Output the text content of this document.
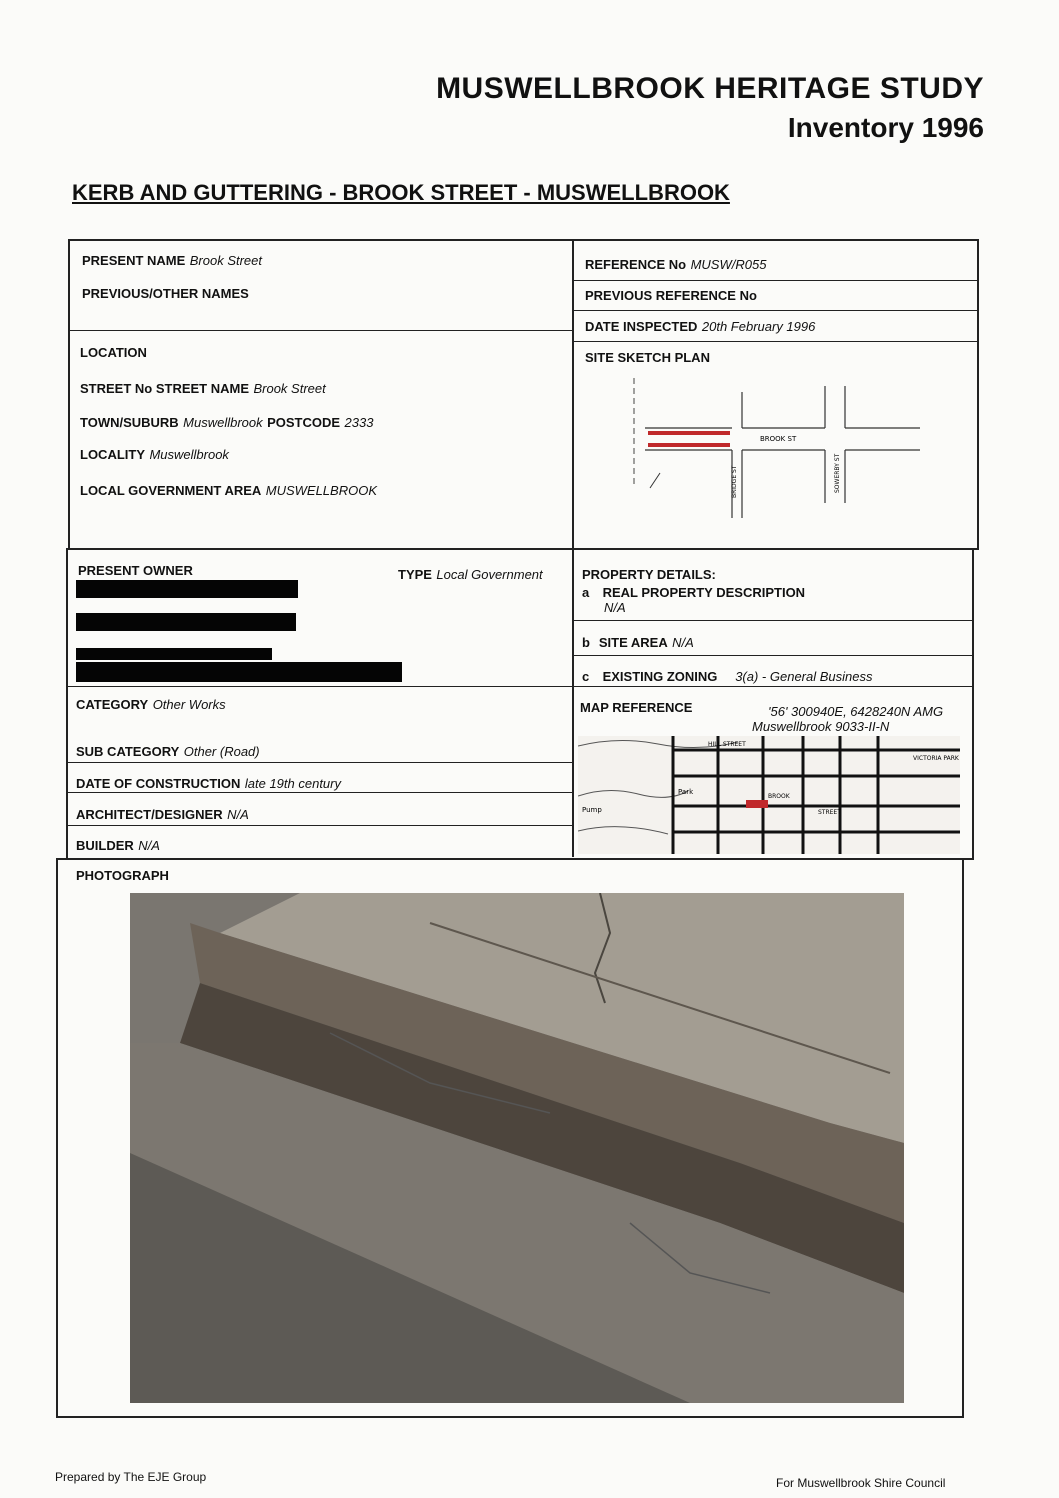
MUSWELLBROOK HERITAGE STUDY
Inventory 1996
KERB AND GUTTERING - BROOK STREET - MUSWELLBROOK
PRESENT NAME Brook Street
PREVIOUS/OTHER NAMES
LOCATION
STREET No STREET NAME Brook Street
TOWN/SUBURB Muswellbrook POSTCODE 2333
LOCALITY Muswellbrook
LOCAL GOVERNMENT AREA MUSWELLBROOK
REFERENCE No MUSW/R055
PREVIOUS REFERENCE No
DATE INSPECTED 20th February 1996
SITE SKETCH PLAN
BROOK ST
BRIDGE ST	SOWERBY ST
PRESENT OWNER	TYPE Local Government	PROPERTY DETAILS:
a REAL PROPERTY DESCRIPTION
N/A
b SITE AREA N/A
c EXISTING ZONING 3(a) - General Business
CATEGORY Other Works
SUB CATEGORY Other (Road)
DATE OF CONSTRUCTION late 19th century
ARCHITECT/DESIGNER N/A
BUILDER N/A
MAP REFERENCE	'56' 300940E, 6428240N AMG
Muswellbrook 9033-II-N
HILL STREET
VICTORIA PARK
Park
BROOK
STREET
Pump
PHOTOGRAPH
Prepared by The EJE Group	For Muswellbrook Shire Council
